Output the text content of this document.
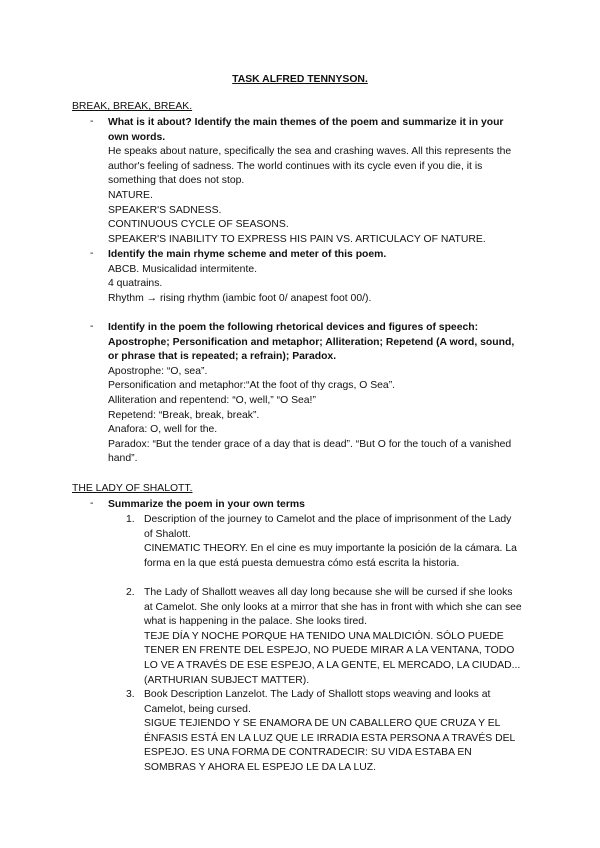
TASK ALFRED TENNYSON.
BREAK, BREAK, BREAK.
-	What is it about? Identify the main themes of the poem and summarize it in your own words.
He speaks about nature, specifically the sea and crashing waves. All this represents the author's feeling of sadness. The world continues with its cycle even if you die, it is something that does not stop.
NATURE.
SPEAKER'S SADNESS.
CONTINUOUS CYCLE OF SEASONS.
SPEAKER'S INABILITY TO EXPRESS HIS PAIN VS. ARTICULACY OF NATURE.
-	Identify the main rhyme scheme and meter of this poem.
ABCB. Musicalidad intermitente.
4 quatrains.
Rhythm → rising rhythm (iambic foot 0/ anapest foot 00/).
-	Identify in the poem the following rhetorical devices and figures of speech: Apostrophe; Personification and metaphor; Alliteration; Repetend (A word, sound, or phrase that is repeated; a refrain); Paradox.
Apostrophe: “O, sea”.
Personification and metaphor:“At the foot of thy crags, O Sea”.
Alliteration and repentend: “O, well,” “O Sea!”
Repetend: “Break, break, break”.
Anafora: O, well for the.
Paradox: “But the tender grace of a day that is dead”. “But O for the touch of a vanished hand”.
THE LADY OF SHALOTT.
-	Summarize the poem in your own terms
1. Description of the journey to Camelot and the place of imprisonment of the Lady of Shalott.
CINEMATIC THEORY. En el cine es muy importante la posición de la cámara. La forma en la que está puesta demuestra cómo está escrita la historia.
2. The Lady of Shallott weaves all day long because she will be cursed if she looks at Camelot. She only looks at a mirror that she has in front with which she can see what is happening in the palace. She looks tired.
TEJE DÍA Y NOCHE PORQUE HA TENIDO UNA MALDICIÓN. SÓLO PUEDE TENER EN FRENTE DEL ESPEJO, NO PUEDE MIRAR A LA VENTANA, TODO LO VE A TRAVÉS DE ESE ESPEJO, A LA GENTE, EL MERCADO, LA CIUDAD... (ARTHURIAN SUBJECT MATTER).
3. Book Description Lanzelot. The Lady of Shallott stops weaving and looks at Camelot, being cursed.
SIGUE TEJIENDO Y SE ENAMORA DE UN CABALLERO QUE CRUZA Y EL ÉNFASIS ESTÁ EN LA LUZ QUE LE IRRADIA ESTA PERSONA A TRAVÉS DEL ESPEJO. ES UNA FORMA DE CONTRADECIR: SU VIDA ESTABA EN SOMBRAS Y AHORA EL ESPEJO LE DA LA LUZ.
